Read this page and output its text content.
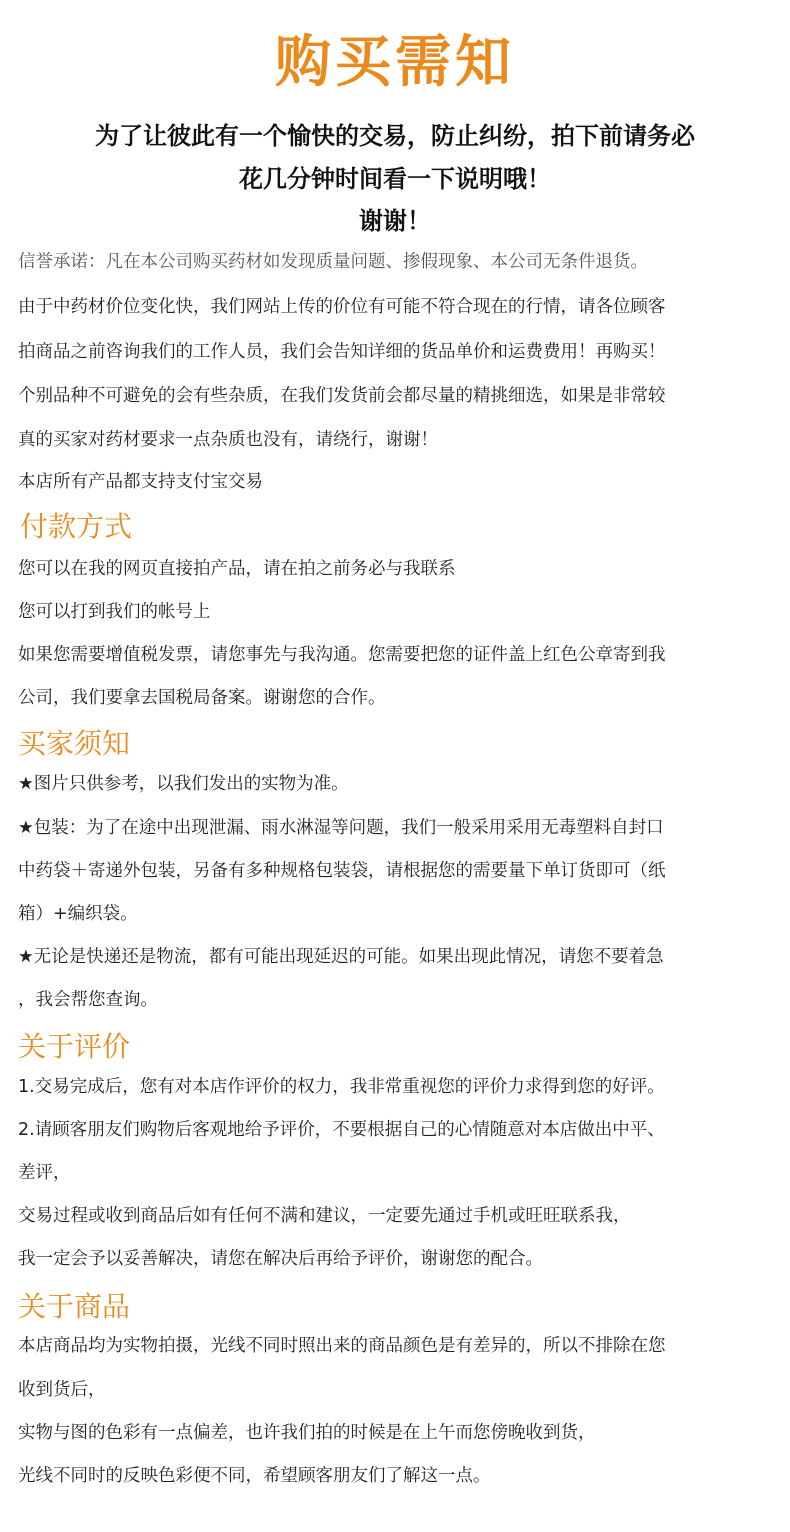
购买需知
为了让彼此有一个愉快的交易，防止纠纷，拍下前请务必
花几分钟时间看一下说明哦！
谢谢！
信誉承诺：凡在本公司购买药材如发现质量问题、掺假现象、本公司无条件退货。
由于中药材价位变化快，我们网站上传的价位有可能不符合现在的行情，请各位顾客
拍商品之前咨询我们的工作人员，我们会告知详细的货品单价和运费费用！再购买！
个别品种不可避免的会有些杂质，在我们发货前会都尽量的精挑细选，如果是非常较
真的买家对药材要求一点杂质也没有，请绕行，谢谢！
本店所有产品都支持支付宝交易
付款方式
您可以在我的网页直接拍产品，请在拍之前务必与我联系
您可以打到我们的帐号上
如果您需要增值税发票，请您事先与我沟通。您需要把您的证件盖上红色公章寄到我
公司，我们要拿去国税局备案。谢谢您的合作。
买家须知
★图片只供参考，以我们发出的实物为准。
★包装：为了在途中出现泄漏、雨水淋湿等问题，我们一般采用采用无毒塑料自封口
中药袋＋寄递外包装，另备有多种规格包装袋，请根据您的需要量下单订货即可（纸
箱）+编织袋。
★无论是快递还是物流，都有可能出现延迟的可能。如果出现此情况，请您不要着急
，我会帮您查询。
关于评价
1.交易完成后，您有对本店作评价的权力，我非常重视您的评价力求得到您的好评。
2.请顾客朋友们购物后客观地给予评价，不要根据自己的心情随意对本店做出中平、
差评，
交易过程或收到商品后如有任何不满和建议，一定要先通过手机或旺旺联系我，
我一定会予以妥善解决，请您在解决后再给予评价，谢谢您的配合。
关于商品
本店商品均为实物拍摄，光线不同时照出来的商品颜色是有差异的，所以不排除在您
收到货后，
实物与图的色彩有一点偏差，也许我们拍的时候是在上午而您傍晚收到货，
光线不同时的反映色彩便不同，希望顾客朋友们了解这一点。
